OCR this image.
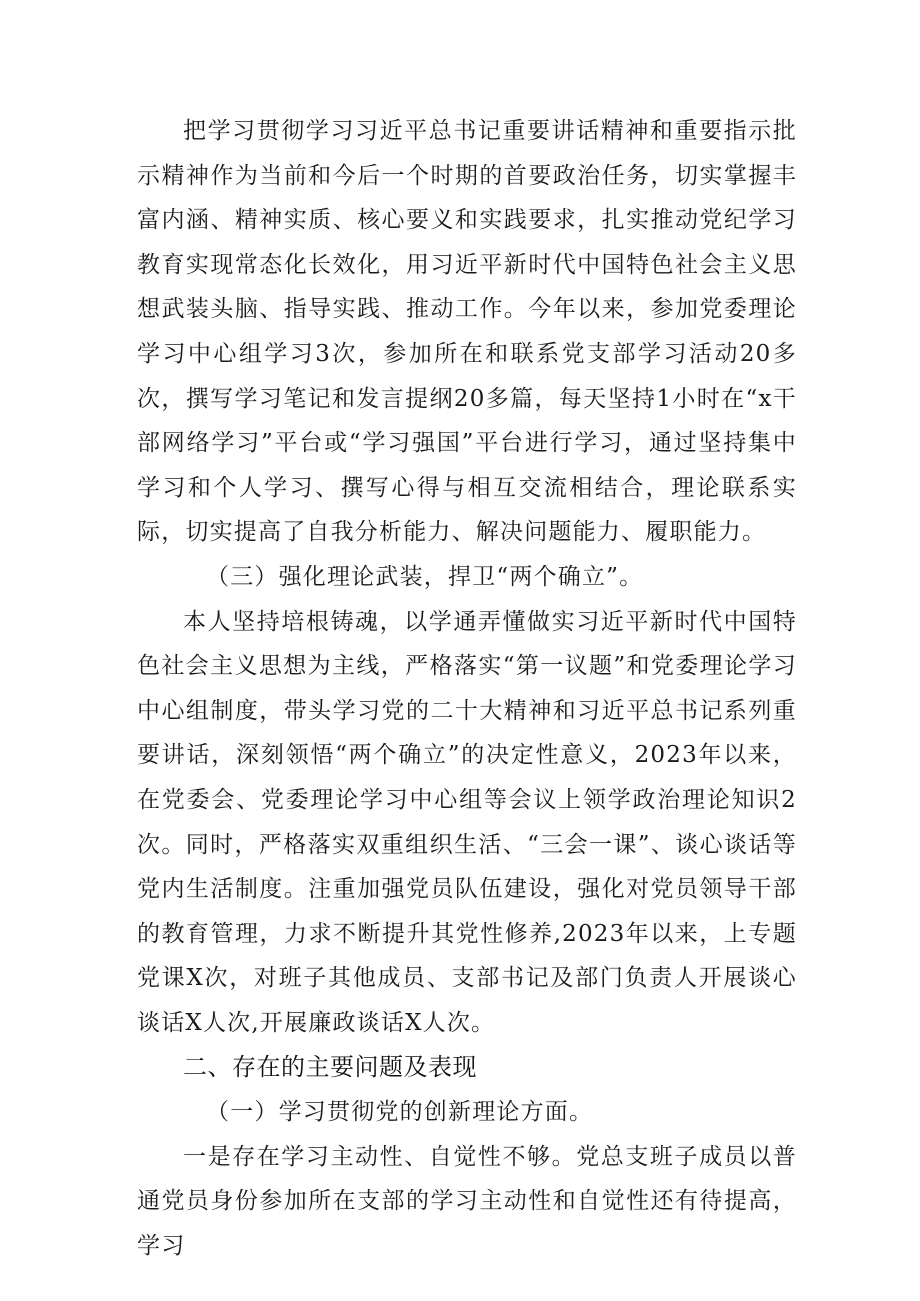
把学习贯彻学习习近平总书记重要讲话精神和重要指示批示精神作为当前和今后一个时期的首要政治任务，切实掌握丰富内涵、精神实质、核心要义和实践要求，扎实推动党纪学习教育实现常态化长效化，用习近平新时代中国特色社会主义思想武装头脑、指导实践、推动工作。今年以来，参加党委理论学习中心组学习3次，参加所在和联系党支部学习活动20多次，撰写学习笔记和发言提纲20多篇，每天坚持1小时在“x干部网络学习”平台或“学习强国”平台进行学习，通过坚持集中学习和个人学习、撰写心得与相互交流相结合，理论联系实际，切实提高了自我分析能力、解决问题能力、履职能力。

（三）强化理论武装，捍卫“两个确立”。

本人坚持培根铸魂，以学通弄懂做实习近平新时代中国特色社会主义思想为主线，严格落实“第一议题”和党委理论学习中心组制度，带头学习党的二十大精神和习近平总书记系列重要讲话，深刻领悟“两个确立”的决定性意义，2023年以来，在党委会、党委理论学习中心组等会议上领学政治理论知识2次。同时，严格落实双重组织生活、“三会一课”、谈心谈话等党内生活制度。注重加强党员队伍建设，强化对党员领导干部的教育管理，力求不断提升其党性修养,2023年以来，上专题党课X次，对班子其他成员、支部书记及部门负责人开展谈心谈话X人次,开展廉政谈话X人次。

二、存在的主要问题及表现

（一）学习贯彻党的创新理论方面。

一是存在学习主动性、自觉性不够。党总支班子成员以普通党员身份参加所在支部的学习主动性和自觉性还有待提高，学习
